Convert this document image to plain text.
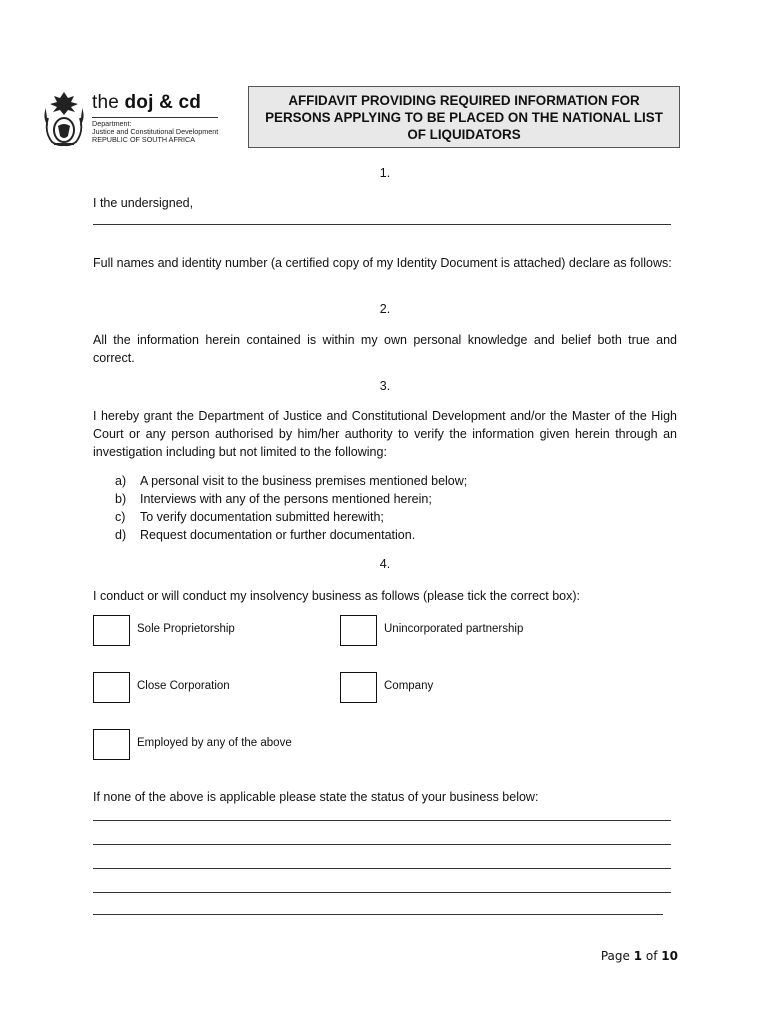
the doj & cd
Department:
Justice and Constitutional Development
REPUBLIC OF SOUTH AFRICA
AFFIDAVIT PROVIDING REQUIRED INFORMATION FOR PERSONS APPLYING TO BE PLACED ON THE NATIONAL LIST OF LIQUIDATORS
1.
I the undersigned,
Full names and identity number (a certified copy of my Identity Document is attached) declare as follows:
2.
All the information herein contained is within my own personal knowledge and belief both true and correct.
3.
I hereby grant the Department of Justice and Constitutional Development and/or the Master of the High Court or any person authorised by him/her authority to verify the information given herein through an investigation including but not limited to the following:
a) A personal visit to the business premises mentioned below;
b) Interviews with any of the persons mentioned herein;
c) To verify documentation submitted herewith;
d) Request documentation or further documentation.
4.
I conduct or will conduct my insolvency business as follows (please tick the correct box):
Sole Proprietorship	Unincorporated partnership
Close Corporation	Company
Employed by any of the above
If none of the above is applicable please state the status of your business below:
Page 1 of 10
